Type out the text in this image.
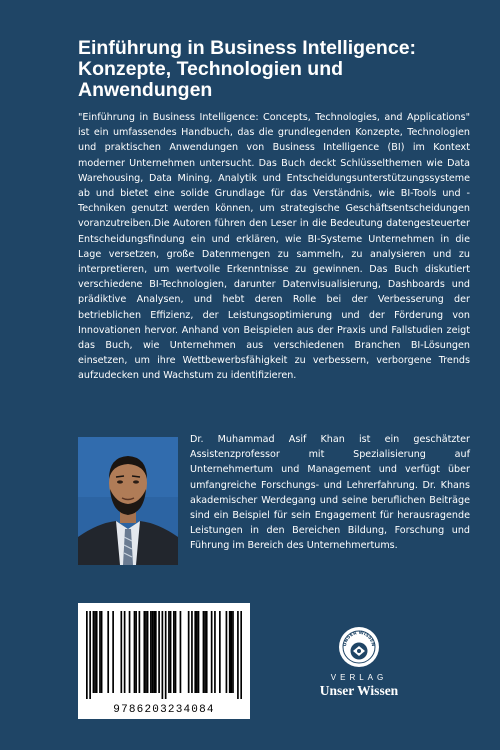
Einführung in Business Intelligence: Konzepte, Technologien und Anwendungen

"Einführung in Business Intelligence: Concepts, Technologies, and Applications" ist ein umfassendes Handbuch, das die grundlegenden Konzepte, Technologien und praktischen Anwendungen von Business Intelligence (BI) im Kontext moderner Unternehmen untersucht. Das Buch deckt Schlüsselthemen wie Data Warehousing, Data Mining, Analytik und Entscheidungsunterstützungssysteme ab und bietet eine solide Grundlage für das Verständnis, wie BI-Tools und -Techniken genutzt werden können, um strategische Geschäftsentscheidungen voranzutreiben.Die Autoren führen den Leser in die Bedeutung datengesteuerter Entscheidungsfindung ein und erklären, wie BI-Systeme Unternehmen in die Lage versetzen, große Datenmengen zu sammeln, zu analysieren und zu interpretieren, um wertvolle Erkenntnisse zu gewinnen. Das Buch diskutiert verschiedene BI-Technologien, darunter Datenvisualisierung, Dashboards und prädiktive Analysen, und hebt deren Rolle bei der Verbesserung der betrieblichen Effizienz, der Leistungsoptimierung und der Förderung von Innovationen hervor. Anhand von Beispielen aus der Praxis und Fallstudien zeigt das Buch, wie Unternehmen aus verschiedenen Branchen BI-Lösungen einsetzen, um ihre Wettbewerbsfähigkeit zu verbessern, verborgene Trends aufzudecken und Wachstum zu identifizieren.

Dr. Muhammad Asif Khan ist ein geschätzter Assistenzprofessor mit Spezialisierung auf Unternehmertum und Management und verfügt über umfangreiche Forschungs- und Lehrerfahrung. Dr. Khans akademischer Werdegang und seine beruflichen Beiträge sind ein Beispiel für sein Engagement für herausragende Leistungen in den Bereichen Bildung, Forschung und Führung im Bereich des Unternehmertums.

9786203234084
UNSER WISSEN
VERLAG
Unser Wissen
